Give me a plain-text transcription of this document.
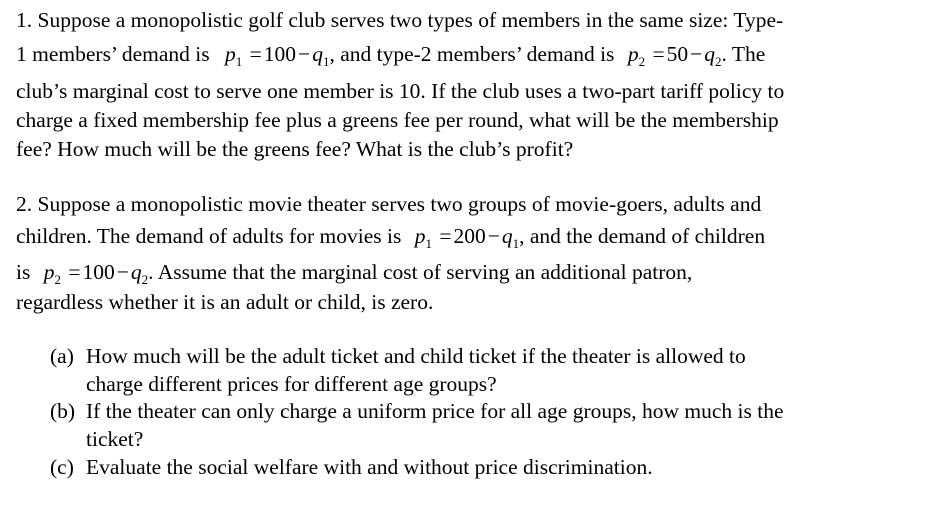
1. Suppose a monopolistic golf club serves two types of members in the same size: Type-
1 members’ demand is $p_1 =100-q_1$, and type-2 members’ demand is $p_2 =50-q_2$. The
club’s marginal cost to serve one member is 10. If the club uses a two-part tariff policy to
charge a fixed membership fee plus a greens fee per round, what will be the membership
fee? How much will be the greens fee? What is the club’s profit?
2. Suppose a monopolistic movie theater serves two groups of movie-goers, adults and
children. The demand of adults for movies is $p_1 =200-q_1$, and the demand of children
is $p_2 =100-q_2$. Assume that the marginal cost of serving an additional patron,
regardless whether it is an adult or child, is zero.
(a) How much will be the adult ticket and child ticket if the theater is allowed to
charge different prices for different age groups?
(b) If the theater can only charge a uniform price for all age groups, how much is the
ticket?
(c) Evaluate the social welfare with and without price discrimination.
